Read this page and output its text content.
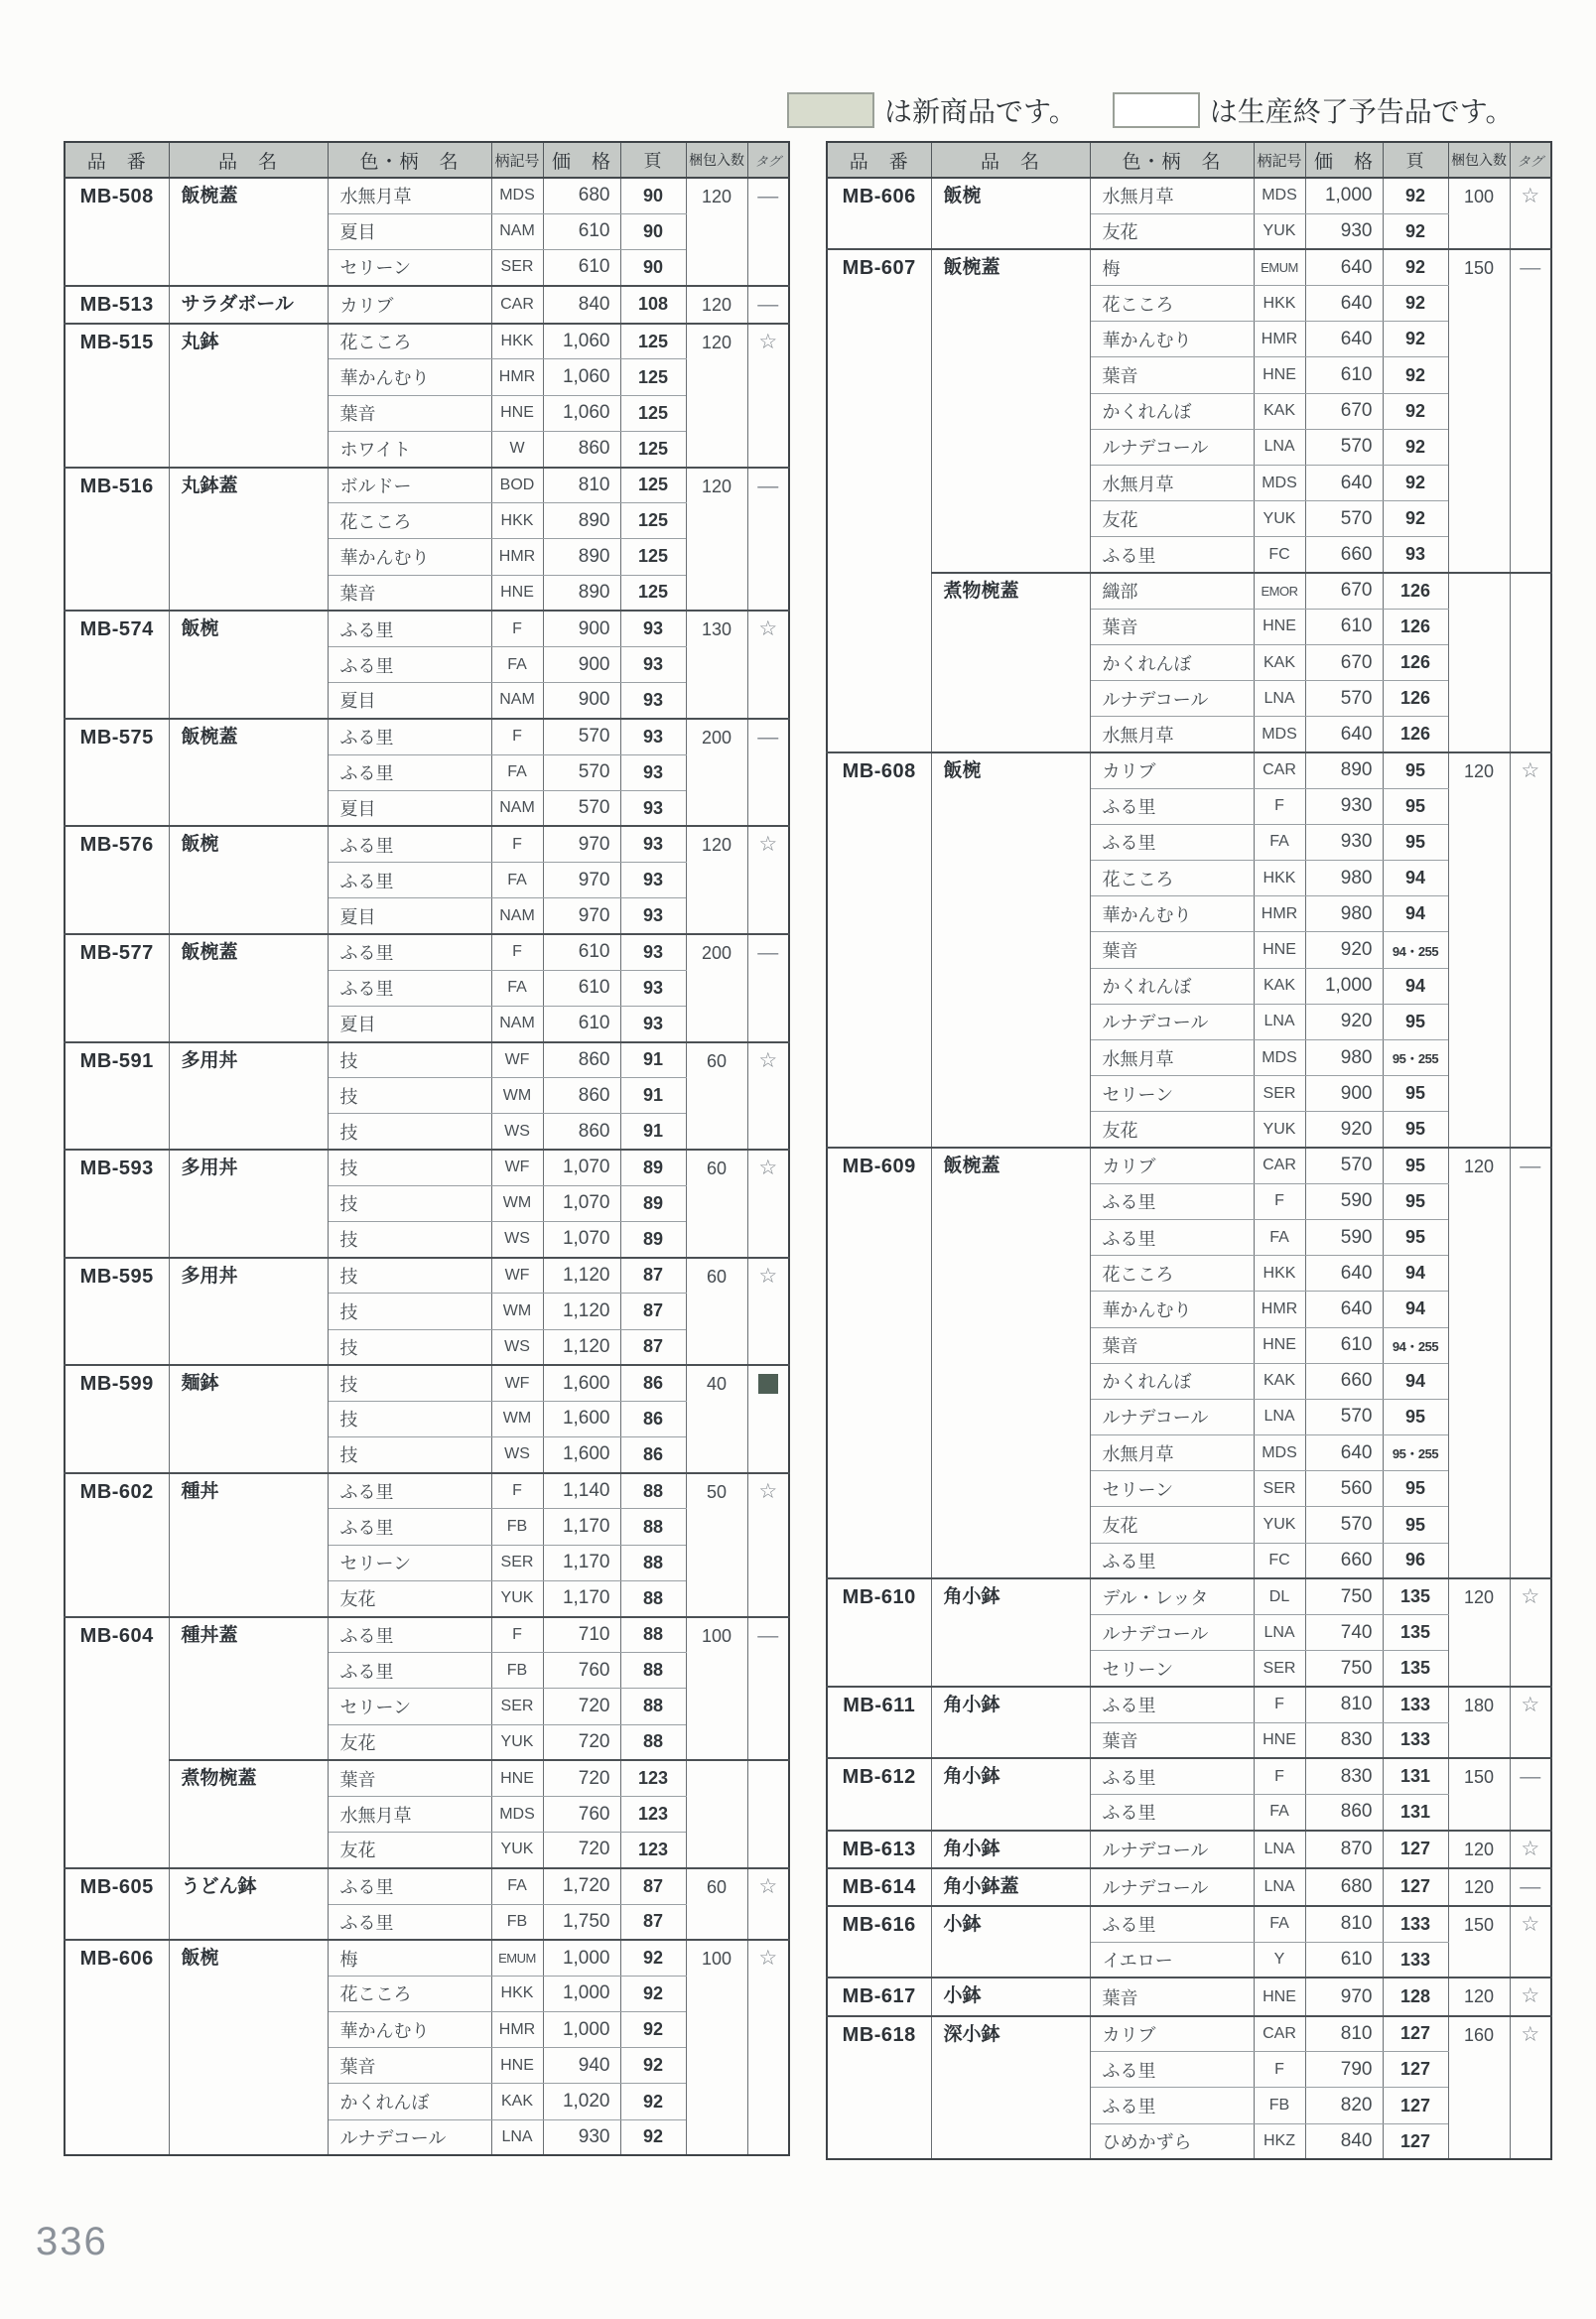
は新商品です。	は生産終了予告品です。
品　番	品　名	色・柄　名	柄記号	価　格	頁	梱包入数	タグ
MB-508	飯椀蓋	水無月草	MDS	680	90	120	—
		夏目	NAM	610	90		
		セリーン	SER	610	90		
MB-513	サラダボール	カリブ	CAR	840	108	120	—
MB-515	丸鉢	花こころ	HKK	1,060	125	120	☆
		華かんむり	HMR	1,060	125		
		葉音	HNE	1,060	125		
		ホワイト	W	860	125		
MB-516	丸鉢蓋	ボルドー	BOD	810	125	120	—
		花こころ	HKK	890	125		
		華かんむり	HMR	890	125		
		葉音	HNE	890	125		
MB-574	飯椀	ふる里	F	900	93	130	☆
		ふる里	FA	900	93		
		夏目	NAM	900	93		
MB-575	飯椀蓋	ふる里	F	570	93	200	—
		ふる里	FA	570	93		
		夏目	NAM	570	93		
MB-576	飯椀	ふる里	F	970	93	120	☆
		ふる里	FA	970	93		
		夏目	NAM	970	93		
MB-577	飯椀蓋	ふる里	F	610	93	200	—
		ふる里	FA	610	93		
		夏目	NAM	610	93		
MB-591	多用丼	技	WF	860	91	60	☆
		技	WM	860	91		
		技	WS	860	91		
MB-593	多用丼	技	WF	1,070	89	60	☆
		技	WM	1,070	89		
		技	WS	1,070	89		
MB-595	多用丼	技	WF	1,120	87	60	☆
		技	WM	1,120	87		
		技	WS	1,120	87		
MB-599	麺鉢	技	WF	1,600	86	40	

		技	WM	1,600	86		
		技	WS	1,600	86		
MB-602	種丼	ふる里	F	1,140	88	50	☆
		ふる里	FB	1,170	88		
		セリーン	SER	1,170	88		
		友花	YUK	1,170	88		
MB-604	種丼蓋	ふる里	F	710	88	100	—
		ふる里	FB	760	88		
		セリーン	SER	720	88		
		友花	YUK	720	88		
	煮物椀蓋	葉音	HNE	720	123		
		水無月草	MDS	760	123		
		友花	YUK	720	123		
MB-605	うどん鉢	ふる里	FA	1,720	87	60	☆
		ふる里	FB	1,750	87		
MB-606	飯椀	梅	EMUM	1,000	92	100	☆
		花こころ	HKK	1,000	92		
		華かんむり	HMR	1,000	92		
		葉音	HNE	940	92		
		かくれんぼ	KAK	1,020	92		
		ルナデコール	LNA	930	92		
品　番	品　名	色・柄　名	柄記号	価　格	頁	梱包入数	タグ
MB-606	飯椀	水無月草	MDS	1,000	92	100	☆
		友花	YUK	930	92		
MB-607	飯椀蓋	梅	EMUM	640	92	150	—
		花こころ	HKK	640	92		
		華かんむり	HMR	640	92		
		葉音	HNE	610	92		
		かくれんぼ	KAK	670	92		
		ルナデコール	LNA	570	92		
		水無月草	MDS	640	92		
		友花	YUK	570	92		
		ふる里	FC	660	93		
	煮物椀蓋	織部	EMOR	670	126		
		葉音	HNE	610	126		
		かくれんぼ	KAK	670	126		
		ルナデコール	LNA	570	126		
		水無月草	MDS	640	126		
MB-608	飯椀	カリブ	CAR	890	95	120	☆
		ふる里	F	930	95		
		ふる里	FA	930	95		
		花こころ	HKK	980	94		
		華かんむり	HMR	980	94		
		葉音	HNE	920	94・255		
		かくれんぼ	KAK	1,000	94		
		ルナデコール	LNA	920	95		
		水無月草	MDS	980	95・255		
		セリーン	SER	900	95		
		友花	YUK	920	95		
MB-609	飯椀蓋	カリブ	CAR	570	95	120	—
		ふる里	F	590	95		
		ふる里	FA	590	95		
		花こころ	HKK	640	94		
		華かんむり	HMR	640	94		
		葉音	HNE	610	94・255		
		かくれんぼ	KAK	660	94		
		ルナデコール	LNA	570	95		
		水無月草	MDS	640	95・255		
		セリーン	SER	560	95		
		友花	YUK	570	95		
		ふる里	FC	660	96		
MB-610	角小鉢	デル・レッタ	DL	750	135	120	☆
		ルナデコール	LNA	740	135		
		セリーン	SER	750	135		
MB-611	角小鉢	ふる里	F	810	133	180	☆
		葉音	HNE	830	133		
MB-612	角小鉢	ふる里	F	830	131	150	—
		ふる里	FA	860	131		
MB-613	角小鉢	ルナデコール	LNA	870	127	120	☆
MB-614	角小鉢蓋	ルナデコール	LNA	680	127	120	—
MB-616	小鉢	ふる里	FA	810	133	150	☆
		イエロー	Y	610	133		
MB-617	小鉢	葉音	HNE	970	128	120	☆
MB-618	深小鉢	カリブ	CAR	810	127	160	☆
		ふる里	F	790	127		
		ふる里	FB	820	127		
		ひめかずら	HKZ	840	127		
336
